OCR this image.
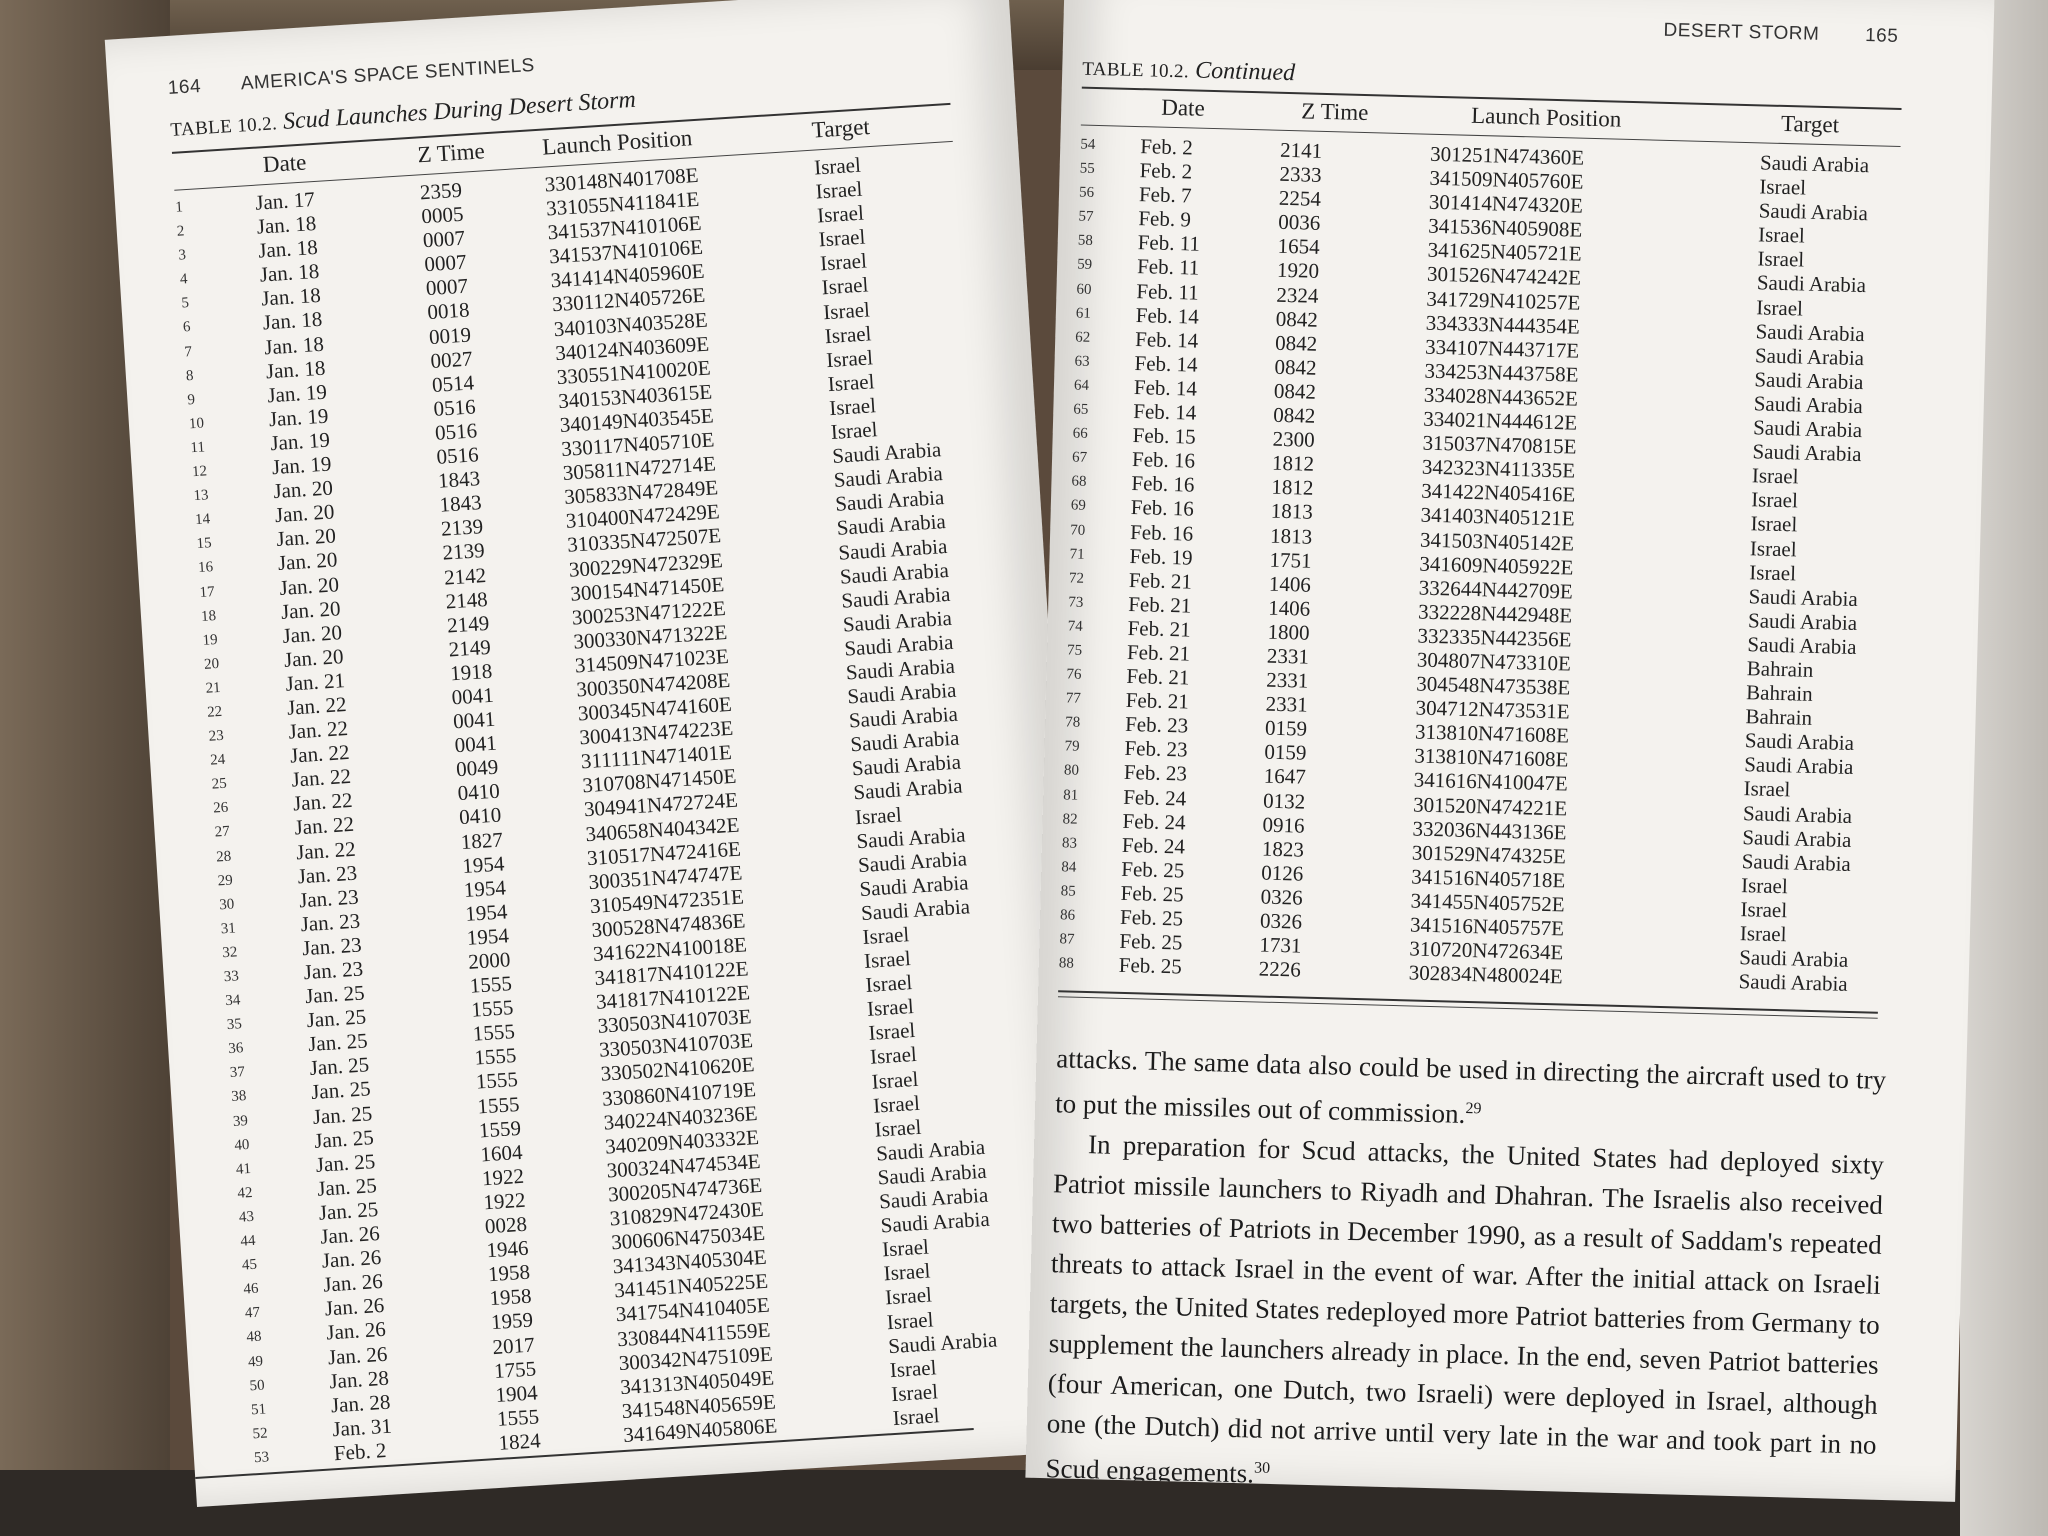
164 AMERICA'S SPACE SENTINELS
TABLE 10.2. Scud Launches During Desert Storm
Date	Z Time Launch Position	Target
1	Jan. 17	2359	330148N401708E	Israel
2	Jan. 18	0005	331055N411841E	Israel
3	Jan. 18	0007	341537N410106E	Israel
4	Jan. 18	0007	341537N410106E	Israel
5	Jan. 18	0007	341414N405960E	Israel
6	Jan. 18	0018	330112N405726E	Israel
7	Jan. 18	0019	340103N403528E	Israel
8	Jan. 18	0027	340124N403609E	Israel
9	Jan. 19	0514	330551N410020E	Israel
10	Jan. 19	0516	340153N403615E	Israel
11	Jan. 19	0516	340149N403545E	Israel
12	Jan. 19	0516	330117N405710E	Israel
13	Jan. 20	1843	305811N472714E	Saudi Arabia
14	Jan. 20	1843	305833N472849E	Saudi Arabia
15	Jan. 20	2139	310400N472429E	Saudi Arabia
16	Jan. 20	2139	310335N472507E	Saudi Arabia
17	Jan. 20	2142	300229N472329E	Saudi Arabia
18	Jan. 20	2148	300154N471450E	Saudi Arabia
19	Jan. 20	2149	300253N471222E	Saudi Arabia
20	Jan. 20	2149	300330N471322E	Saudi Arabia
21	Jan. 21	1918	314509N471023E	Saudi Arabia
22	Jan. 22	0041	300350N474208E	Saudi Arabia
23	Jan. 22	0041	300345N474160E	Saudi Arabia
24	Jan. 22	0041	300413N474223E	Saudi Arabia
25	Jan. 22	0049	311111N471401E	Saudi Arabia
26	Jan. 22	0410	310708N471450E	Saudi Arabia
27	Jan. 22	0410	304941N472724E	Saudi Arabia
28	Jan. 22	1827	340658N404342E	Israel
29	Jan. 23	1954	310517N472416E	Saudi Arabia
30	Jan. 23	1954	300351N474747E	Saudi Arabia
31	Jan. 23	1954	310549N472351E	Saudi Arabia
32	Jan. 23	1954	300528N474836E	Saudi Arabia
33	Jan. 23	2000	341622N410018E	Israel
34	Jan. 25	1555	341817N410122E	Israel
35	Jan. 25	1555	341817N410122E	Israel
36	Jan. 25	1555	330503N410703E	Israel
37	Jan. 25	1555	330503N410703E	Israel
38	Jan. 25	1555	330502N410620E	Israel
39	Jan. 25	1555	330860N410719E	Israel
40	Jan. 25	1559	340224N403236E	Israel
41	Jan. 25	1604	340209N403332E	Israel
42	Jan. 25	1922	300324N474534E	Saudi Arabia
43	Jan. 25	1922	300205N474736E	Saudi Arabia
44	Jan. 26	0028	310829N472430E	Saudi Arabia
45	Jan. 26	1946	300606N475034E	Saudi Arabia
46	Jan. 26	1958	341343N405304E	Israel
47	Jan. 26	1958	341451N405225E	Israel
48	Jan. 26	1959	341754N410405E	Israel
49	Jan. 26	2017	330844N411559E	Israel
50	Jan. 28	1755	300342N475109E	Saudi Arabia
51	Jan. 28	1904	341313N405049E	Israel
52	Jan. 31	1555	341548N405659E	Israel
53	Feb. 2	1824	341649N405806E	Israel
DESERT STORM 165
TABLE 10.2. Continued
Date	Z Time	Launch Position	Target
54 Feb. 2	2141	301251N474360E	Saudi Arabia
55 Feb. 2	2333	341509N405760E	Israel
56 Feb. 7	2254	301414N474320E	Saudi Arabia
57 Feb. 9	0036	341536N405908E	Israel
58 Feb. 11	1654	341625N405721E	Israel
59 Feb. 11	1920	301526N474242E	Saudi Arabia
60 Feb. 11	2324	341729N410257E	Israel
61 Feb. 14	0842	334333N444354E	Saudi Arabia
62 Feb. 14	0842	334107N443717E	Saudi Arabia
63 Feb. 14	0842	334253N443758E	Saudi Arabia
64 Feb. 14	0842	334028N443652E	Saudi Arabia
65 Feb. 14	0842	334021N444612E	Saudi Arabia
66 Feb. 15	2300	315037N470815E	Saudi Arabia
67 Feb. 16	1812	342323N411335E	Israel
68 Feb. 16	1812	341422N405416E	Israel
69 Feb. 16	1813	341403N405121E	Israel
70 Feb. 16	1813	341503N405142E	Israel
71 Feb. 19	1751	341609N405922E	Israel
72 Feb. 21	1406	332644N442709E	Saudi Arabia
73 Feb. 21	1406	332228N442948E	Saudi Arabia
74 Feb. 21	1800	332335N442356E	Saudi Arabia
75 Feb. 21	2331	304807N473310E	Bahrain
76 Feb. 21	2331	304548N473538E	Bahrain
77 Feb. 21	2331	304712N473531E	Bahrain
78 Feb. 23	0159	313810N471608E	Saudi Arabia
79 Feb. 23	0159	313810N471608E	Saudi Arabia
80 Feb. 23	1647	341616N410047E	Israel
81 Feb. 24	0132	301520N474221E	Saudi Arabia
82 Feb. 24	0916	332036N443136E	Saudi Arabia
83 Feb. 24	1823	301529N474325E	Saudi Arabia
84 Feb. 25	0126	341516N405718E	Israel
85 Feb. 25	0326	341455N405752E	Israel
86 Feb. 25	0326	341516N405757E	Israel
87 Feb. 25	1731	310720N472634E	Saudi Arabia
88 Feb. 25	2226	302834N480024E	Saudi Arabia

attacks. The same data also could be used in directing the aircraft used to try to put the missiles out of commission.$^{29}$

In preparation for Scud attacks, the United States had deployed sixty Patriot missile launchers to Riyadh and Dhahran. The Israelis also received two batteries of Patriots in December 1990, as a result of Saddam's repeated threats to attack Israel in the event of war. After the initial attack on Israeli targets, the United States redeployed more Patriot batteries from Germany to supplement the launchers already in place. In the end, seven Patriot batteries (four American, one Dutch, two Israeli) were deployed in Israel, although one (the Dutch) did not arrive until very late in the war and took part in no Scud engagements.$^{30}$
